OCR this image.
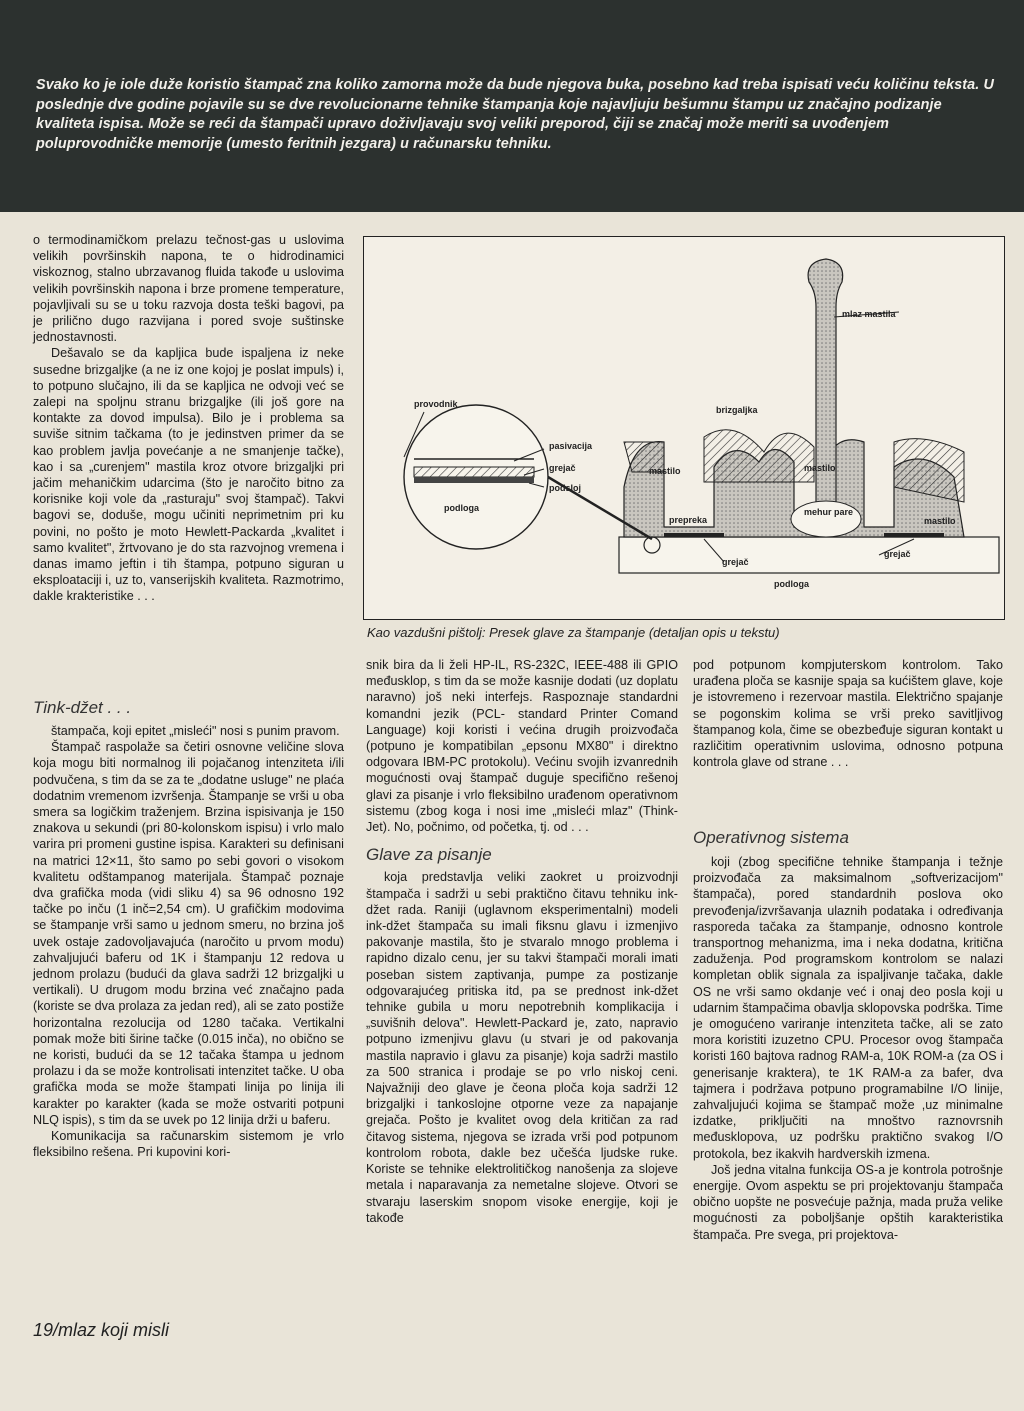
Svako ko je iole duže koristio štampač zna koliko zamorna može da bude njegova buka, posebno kad treba ispisati veću količinu teksta. U poslednje dve godine pojavile su se dve revolucionarne tehnike štampanja koje najavljuju bešumnu štampu uz značajno podizanje kvaliteta ispisa. Može se reći da štampači upravo doživljavaju svoj veliki preporod, čiji se značaj može meriti sa uvođenjem poluprovodničke memorije (umesto feritnih jezgara) u računarsku tehniku.

o termodinamičkom prelazu tečnost-gas u uslovima velikih površinskih napona, te o hidrodinamici viskoznog, stalno ubrzavanog fluida takođe u uslovima velikih površinskih napona i brze promene temperature, pojavljivali su se u toku razvoja dosta teški bagovi, pa je prilično dugo razvijana i pored svoje suštinske jednostavnosti.

Dešavalo se da kapljica bude ispaljena iz neke susedne brizgaljke (a ne iz one kojoj je poslat impuls) i, to potpuno slučajno, ili da se kapljica ne odvoji već se zalepi na spoljnu stranu brizgaljke (ili još gore na kontakte za dovod impulsa). Bilo je i problema sa suviše sitnim tačkama (to je jedinstven primer da se kao problem javlja povećanje a ne smanjenje tačke), kao i sa „curenjem" mastila kroz otvore brizgaljki pri jačim mehaničkim udarcima (što je naročito bitno za korisnike koji vole da „rasturaju" svoj štampač). Takvi bagovi se, doduše, mogu učiniti neprimetnim pri ku povini, no pošto je moto Hewlett-Packarda „kvalitet i samo kvalitet", žrtvovano je do sta razvojnog vremena i danas imamo jeftin i tih štampa, potpuno siguran u eksploataciji i, uz to, vanserijskih kvaliteta. Razmotrimo, dakle krakteristike . . .

Tink-džet . . .

štampača, koji epitet „misleći" nosi s punim pravom.

Štampač raspolaže sa četiri osnovne veličine slova koja mogu biti normalnog ili pojačanog intenziteta i/ili podvučena, s tim da se za te „dodatne usluge" ne plaća dodatnim vremenom izvršenja. Štampanje se vrši u oba smera sa logičkim traženjem. Brzina ispisivanja je 150 znakova u sekundi (pri 80-kolonskom ispisu) i vrlo malo varira pri promeni gustine ispisa. Karakteri su definisani na matrici 12×11, što samo po sebi govori o visokom kvalitetu odštampanog materijala. Štampač poznaje dva grafička moda (vidi sliku 4) sa 96 odnosno 192 tačke po inču (1 inč=2,54 cm). U grafičkim modovima se štampanje vrši samo u jednom smeru, no brzina još uvek ostaje zadovoljavajuća (naročito u prvom modu) zahvaljujući baferu od 1K i štampanju 12 redova u jednom prolazu (budući da glava sadrži 12 brizgaljki u vertikali). U drugom modu brzina već značajno pada (koriste se dva prolaza za jedan red), ali se zato postiže horizontalna rezolucija od 1280 tačaka. Vertikalni pomak može biti širine tačke (0.015 inča), no obično se ne koristi, budući da se 12 tačaka štampa u jednom prolazu i da se može kontrolisati intenzitet tačke. U oba grafička moda se može štampati linija po linija ili karakter po karakter (kada se može ostvariti potpuni NLQ ispis), s tim da se uvek po 12 linija drži u baferu.

Komunikacija sa računarskim sistemom je vrlo fleksibilno rešena. Pri kupovini kori-

mlaz mastila
provodnik
brizgaljka
pasivacija
grejač
podsloj
podloga
mastilo	mastilo
mastilo
prepreka
mehur pare
grejač
grejač
podloga
Kao vazdušni pištolj: Presek glave za štampanje (detaljan opis u tekstu)

snik bira da li želi HP-IL, RS-232C, IEEE-488 ili GPIO međusklop, s tim da se može kasnije dodati (uz doplatu naravno) još neki interfejs. Raspoznaje standardni komandni jezik (PCL- standard Printer Comand Language) koji koristi i većina drugih proizvođača (potpuno je kompatibilan „epsonu MX80" i direktno odgovara IBM-PC protokolu). Većinu svojih izvanrednih mogućnosti ovaj štampač duguje specifično rešenoj glavi za pisanje i vrlo fleksibilno urađenom operativnom sistemu (zbog koga i nosi ime „misleći mlaz" (Think-Jet). No, počnimo, od početka, tj. od . . .

Glave za pisanje

koja predstavlja veliki zaokret u proizvodnji štampača i sadrži u sebi praktično čitavu tehniku ink-džet rada. Raniji (uglavnom eksperimentalni) modeli ink-džet štampača su imali fiksnu glavu i izmenjivo pakovanje mastila, što je stvaralo mnogo problema i rapidno dizalo cenu, jer su takvi štampači morali imati poseban sistem zaptivanja, pumpe za postizanje odgovarajućeg pritiska itd, pa se prednost ink-džet tehnike gubila u moru nepotrebnih komplikacija i „suvišnih delova". Hewlett-Packard je, zato, napravio potpuno izmenjivu glavu (u stvari je od pakovanja mastila napravio i glavu za pisanje) koja sadrži mastilo za 500 stranica i prodaje se po vrlo niskoj ceni. Najvažniji deo glave je čeona ploča koja sadrži 12 brizgaljki i tankoslojne otporne veze za napajanje grejača. Pošto je kvalitet ovog dela kritičan za rad čitavog sistema, njegova se izrada vrši pod potpunom kontrolom robota, dakle bez učešća ljudske ruke. Koriste se tehnike elektrolitičkog nanošenja za slojeve metala i naparavanja za nemetalne slojeve. Otvori se stvaraju laserskim snopom visoke energije, koji je takođe

pod potpunom kompjuterskom kontrolom. Tako urađena ploča se kasnije spaja sa kućištem glave, koje je istovremeno i rezervoar mastila. Električno spajanje se pogonskim kolima se vrši preko savitljivog štampanog kola, čime se obezbeđuje siguran kontakt u različitim operativnim uslovima, odnosno potpuna kontrola glave od strane . . .

Operativnog sistema

koji (zbog specifične tehnike štampanja i težnje proizvođača za maksimalnom „softverizacijom" štampača), pored standardnih poslova oko prevođenja/izvršavanja ulaznih podataka i određivanja rasporeda tačaka za štampanje, odnosno kontrole transportnog mehanizma, ima i neka dodatna, kritična zaduženja. Pod programskom kontrolom se nalazi kompletan oblik signala za ispaljivanje tačaka, dakle OS ne vrši samo okdanje već i onaj deo posla koji u udarnim štampačima obavlja sklopovska podrška. Time je omogućeno variranje intenziteta tačke, ali se zato mora koristiti izuzetno CPU. Procesor ovog štampača koristi 160 bajtova radnog RAM-a, 10K ROM-a (za OS i generisanje kraktera), te 1K RAM-a za bafer, dva tajmera i podržava potpuno programabilne I/O linije, zahvaljujući kojima se štampač može ,uz minimalne izdatke, priključiti na mnoštvo raznovrsnih međusklopova, uz podršku praktično svakog I/O protokola, bez ikakvih hardverskih izmena.

Još jedna vitalna funkcija OS-a je kontrola potrošnje energije. Ovom aspektu se pri projektovanju štampača obično uopšte ne posvećuje pažnja, mada pruža velike mogućnosti za poboljšanje opštih karakteristika štampača. Pre svega, pri projektova-

19/mlaz koji misli
